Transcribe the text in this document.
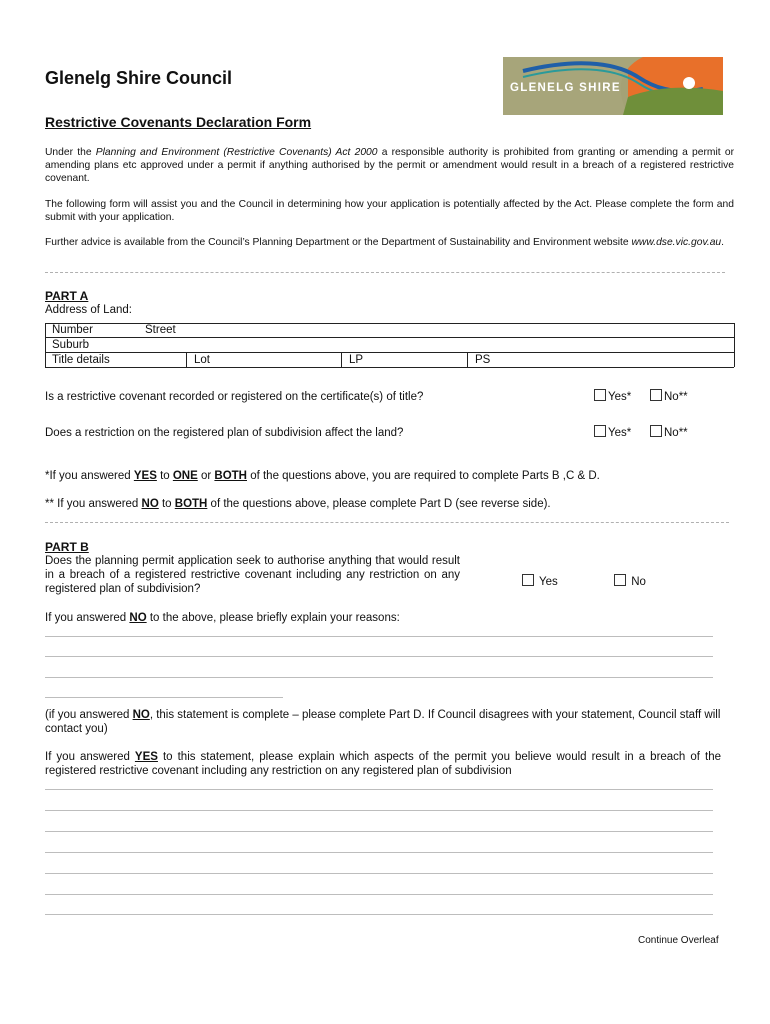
Glenelg Shire Council	GLENELG SHIRE
Restrictive Covenants Declaration Form
Under the Planning and Environment (Restrictive Covenants) Act 2000 a responsible authority is prohibited from granting or amending a permit or amending plans etc approved under a permit if anything authorised by the permit or amendment would result in a breach of a registered restrictive covenant.
The following form will assist you and the Council in determining how your application is potentially affected by the Act. Please complete the form and submit with your application.
Further advice is available from the Council’s Planning Department or the Department of Sustainability and Environment website www.dse.vic.gov.au.
PART A
Address of Land:
Number	Street
Suburb
Title details	Lot	LP	PS
Is a restrictive covenant recorded or registered on the certificate(s) of title?	Yes*	No**
Does a restriction on the registered plan of subdivision affect the land?	Yes*	No**
*If you answered YES to ONE or BOTH of the questions above, you are required to complete Parts B ,C & D.
** If you answered NO to BOTH of the questions above, please complete Part D (see reverse side).
PART B
Does the planning permit application seek to authorise anything that would result in a breach of a registered restrictive covenant including any restriction on any registered plan of subdivision?
Yes	No
If you answered NO to the above, please briefly explain your reasons:
(if you answered NO, this statement is complete – please complete Part D. If Council disagrees with your statement, Council staff will contact you)
If you answered YES to this statement, please explain which aspects of the permit you believe would result in a breach of the registered restrictive covenant including any restriction on any registered plan of subdivision
Continue Overleaf
